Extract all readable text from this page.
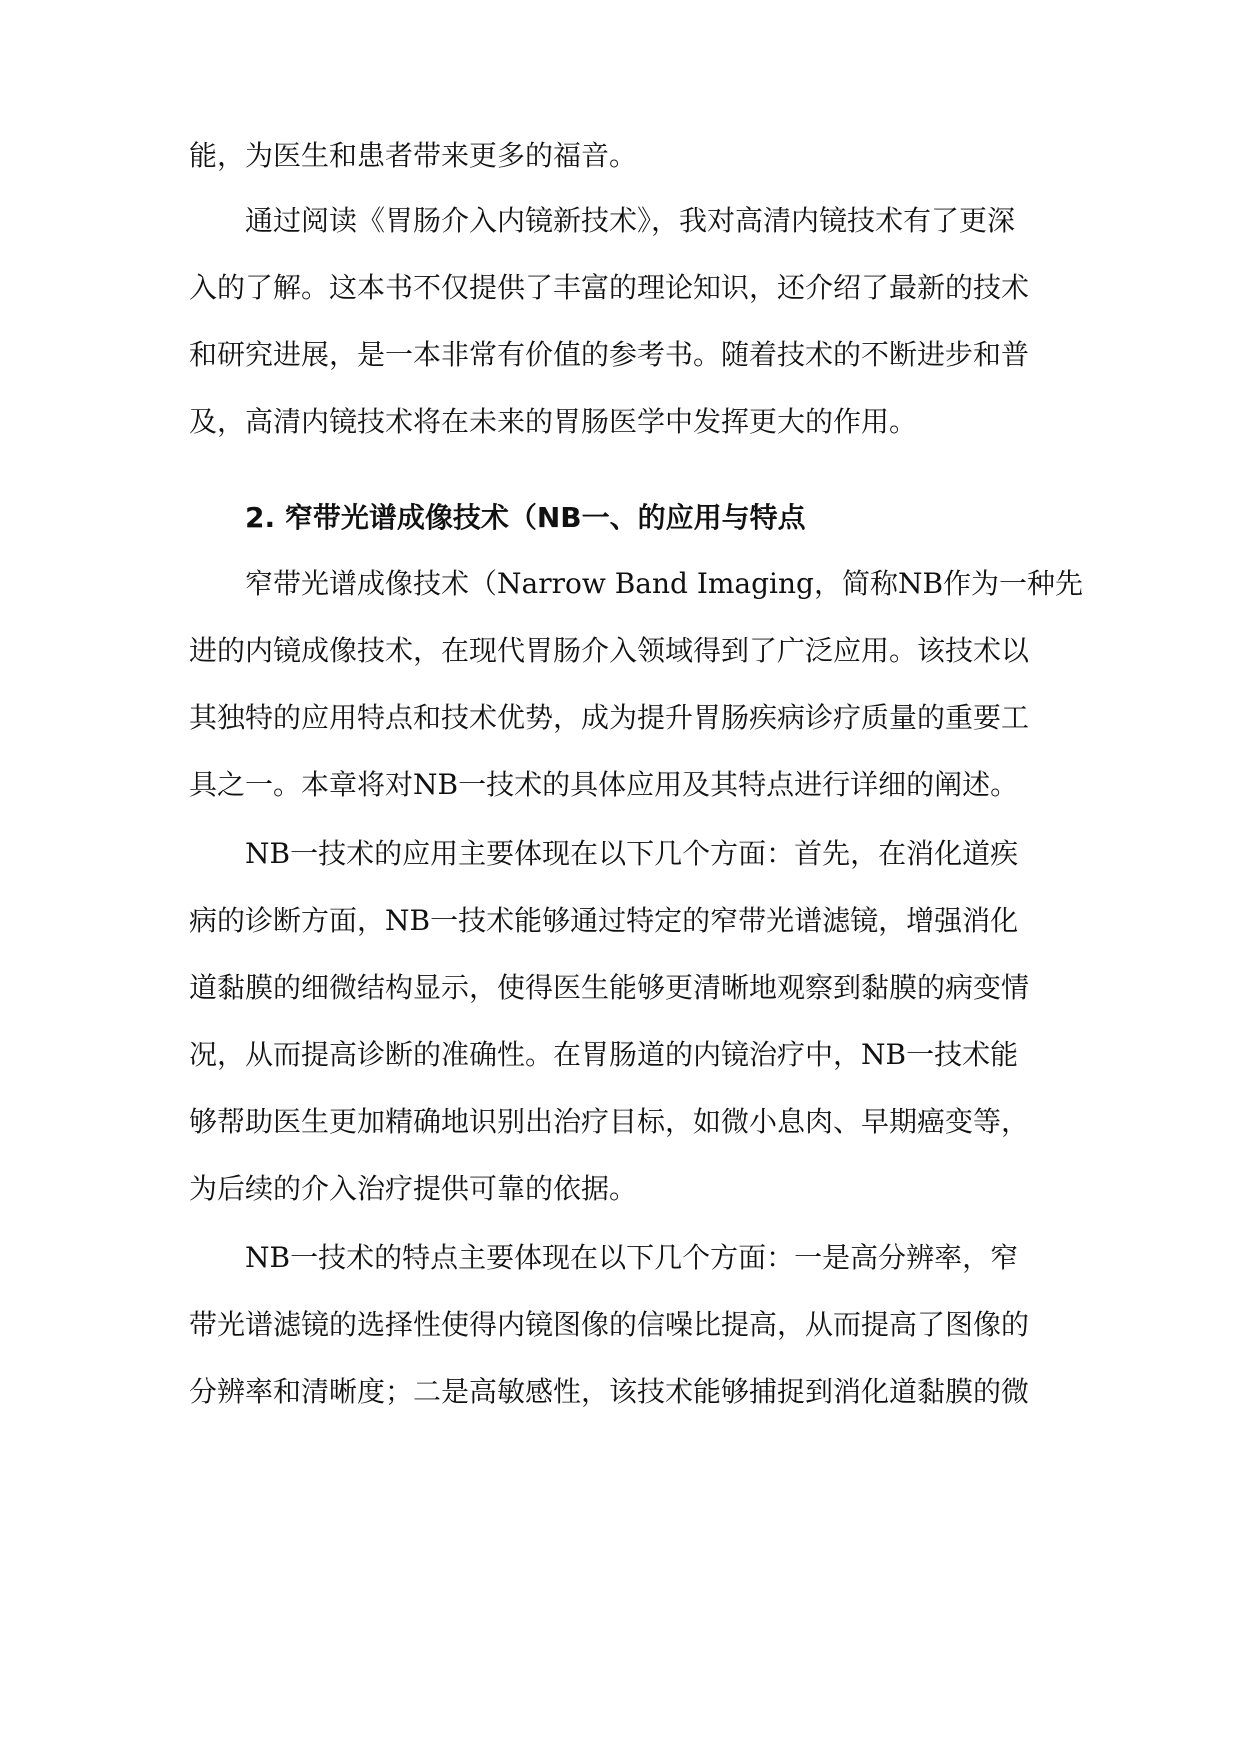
能，为医生和患者带来更多的福音。
通过阅读《胃肠介入内镜新技术》，我对高清内镜技术有了更深
入的了解。这本书不仅提供了丰富的理论知识，还介绍了最新的技术
和研究进展，是一本非常有价值的参考书。随着技术的不断进步和普
及，高清内镜技术将在未来的胃肠医学中发挥更大的作用。
2. 窄带光谱成像技术（NB一、的应用与特点
窄带光谱成像技术（Narrow Band Imaging，简称NB作为一种先
进的内镜成像技术，在现代胃肠介入领域得到了广泛应用。该技术以
其独特的应用特点和技术优势，成为提升胃肠疾病诊疗质量的重要工
具之一。本章将对NB一技术的具体应用及其特点进行详细的阐述。
NB一技术的应用主要体现在以下几个方面：首先，在消化道疾
病的诊断方面，NB一技术能够通过特定的窄带光谱滤镜，增强消化
道黏膜的细微结构显示，使得医生能够更清晰地观察到黏膜的病变情
况，从而提高诊断的准确性。在胃肠道的内镜治疗中，NB一技术能
够帮助医生更加精确地识别出治疗目标，如微小息肉、早期癌变等，
为后续的介入治疗提供可靠的依据。
NB一技术的特点主要体现在以下几个方面：一是高分辨率，窄
带光谱滤镜的选择性使得内镜图像的信噪比提高，从而提高了图像的
分辨率和清晰度；二是高敏感性，该技术能够捕捉到消化道黏膜的微
